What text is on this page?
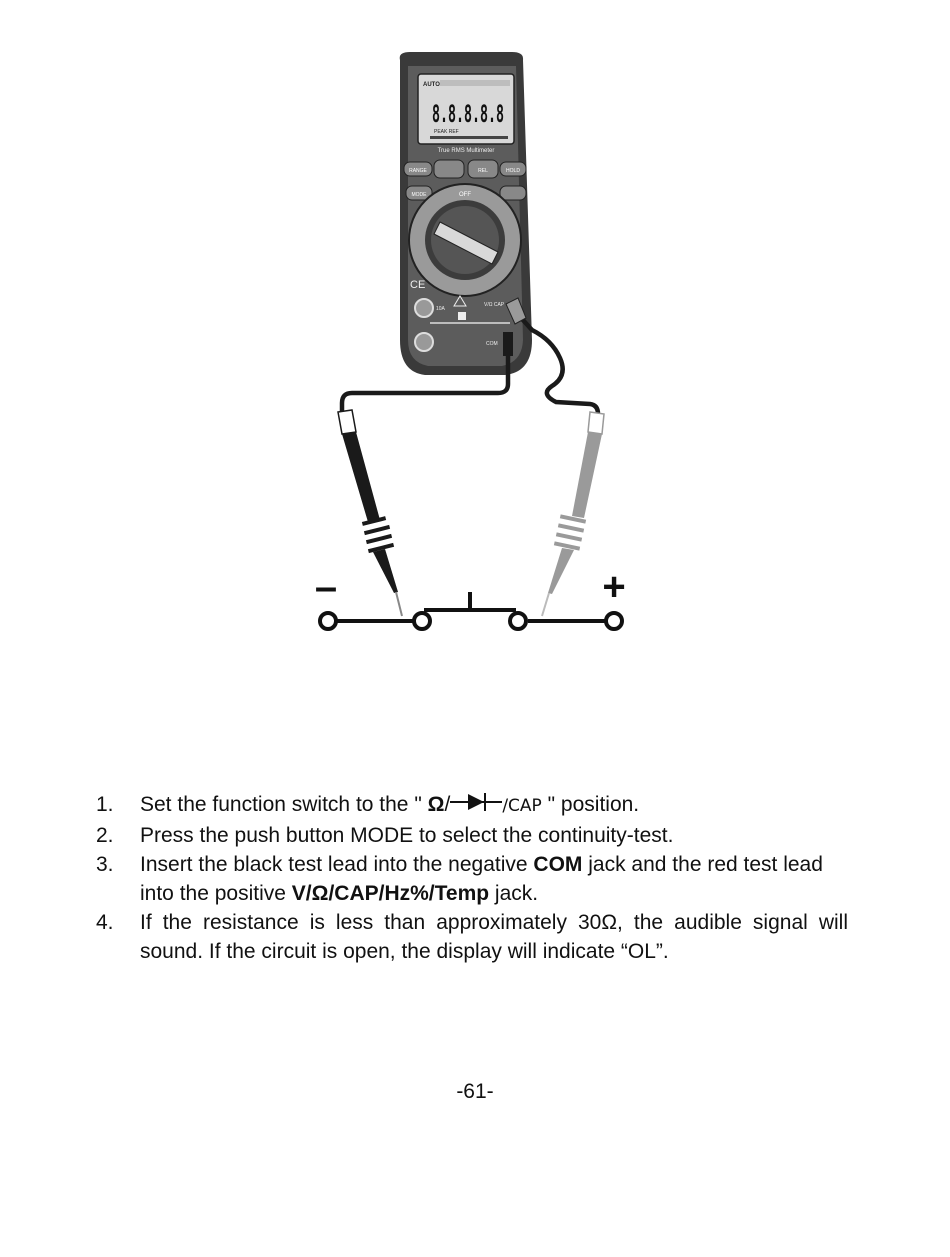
AUTO
8.8.8.8.8
PEAK REF
True RMS Multimeter
RANGE	REL	HOLD
MODE	OFF
CE
10A
COM
V/Ω CAP
–	+
1. Set the function switch to the " Ω/	/CAP " position.
2. Press the push button MODE to select the continuity-test.
3. Insert the black test lead into the negative COM jack and the red test lead into the positive V/Ω/CAP/Hz%/Temp jack.
4. If the resistance is less than approximately 30Ω, the audible signal will sound. If the circuit is open, the display will indicate “OL”.
-61-
